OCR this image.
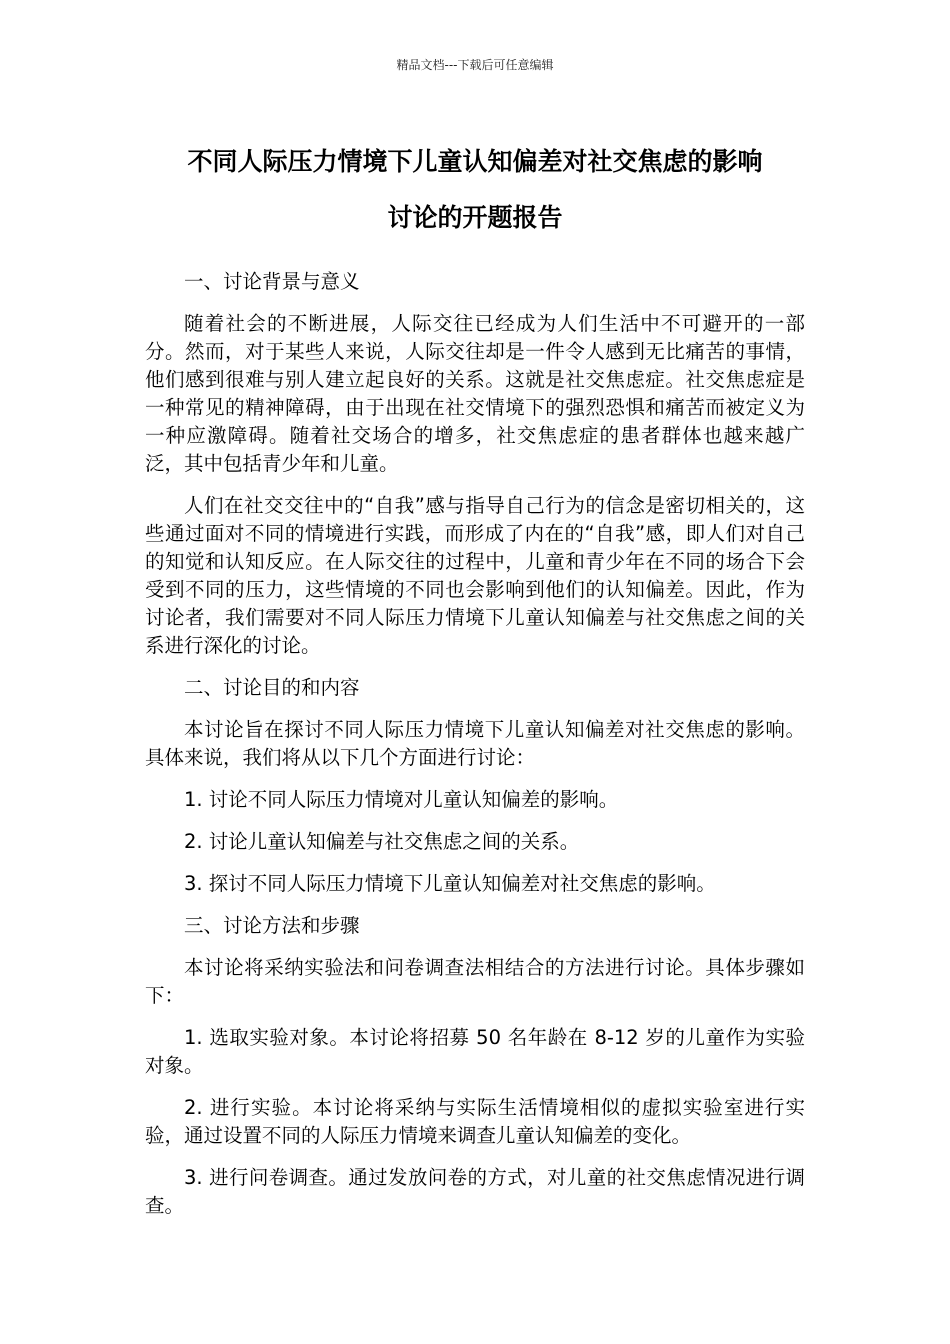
精品文档---下载后可任意编辑
不同人际压力情境下儿童认知偏差对社交焦虑的影响
讨论的开题报告

一、讨论背景与意义

随着社会的不断进展，人际交往已经成为人们生活中不可避开的一部分。然而，对于某些人来说，人际交往却是一件令人感到无比痛苦的事情，他们感到很难与别人建立起良好的关系。这就是社交焦虑症。社交焦虑症是一种常见的精神障碍，由于出现在社交情境下的强烈恐惧和痛苦而被定义为一种应激障碍。随着社交场合的增多，社交焦虑症的患者群体也越来越广泛，其中包括青少年和儿童。

人们在社交交往中的“自我”感与指导自己行为的信念是密切相关的，这些通过面对不同的情境进行实践，而形成了内在的“自我”感，即人们对自己的知觉和认知反应。在人际交往的过程中，儿童和青少年在不同的场合下会受到不同的压力，这些情境的不同也会影响到他们的认知偏差。因此，作为讨论者，我们需要对不同人际压力情境下儿童认知偏差与社交焦虑之间的关系进行深化的讨论。

二、讨论目的和内容

本讨论旨在探讨不同人际压力情境下儿童认知偏差对社交焦虑的影响。具体来说，我们将从以下几个方面进行讨论：

1. 讨论不同人际压力情境对儿童认知偏差的影响。

2. 讨论儿童认知偏差与社交焦虑之间的关系。

3. 探讨不同人际压力情境下儿童认知偏差对社交焦虑的影响。

三、讨论方法和步骤

本讨论将采纳实验法和问卷调查法相结合的方法进行讨论。具体步骤如下：

1. 选取实验对象。本讨论将招募 50 名年龄在 8-12 岁的儿童作为实验对象。

2. 进行实验。本讨论将采纳与实际生活情境相似的虚拟实验室进行实验，通过设置不同的人际压力情境来调查儿童认知偏差的变化。

3. 进行问卷调查。通过发放问卷的方式，对儿童的社交焦虑情况进行调查。
